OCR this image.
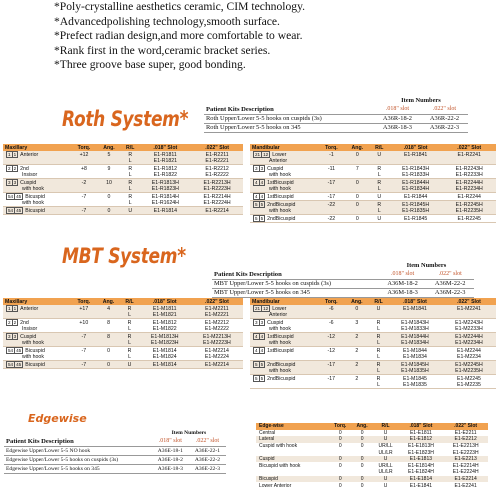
*Poly-crystalline aesthetics ceramic, CIM technology.
*Advancedpolishing technology,smooth surface.
*Prefect radian design,and more comfortable to wear.
*Rank first in the word,ceramic bracket series.
*Three groove base super, good bonding.
	Item Numbers	
Patient Kits Description	.018" slot	.022" slot
Roth Upper/Lower 5-5 hooks on cuspids (3s)	A36R-18-2	A36R-22-2
Roth Upper/Lower 5-5 hooks on 345	A36R-18-3	A36R-22-3
Roth System*
Maxillary	Torq.	Ang.	R/L	.018" Slot	.022" Slot
1 1 Anterior	+12	5	R	E1-R1811	E1-R2211
			L	E1-R1821	E1-R2221
2 2 2nd	+8	9	R	E1-R1812	E1-R2212
Insisor			L	E1-R1822	E1-R2222
3 3 Cuspid	-2	10	R	E1-R1813H	E1-R2213H
with hook			L	E1-R1823H	E1-R2223H
54 45 Bicuspid	-7	0	R	E1-R1814H	E1-R2214H
with hook			L	E1-R1624H	E1-R2224H
54 45 Bicuspid	-7	0	U	E1-R1814	E1-R2214
Mandibular	Torq.	Ang.	R/L	.018" Slot	.022" Slot
21 12 Lower	-1	0	U	E1-R1841	E1-R2241
Anterior					
3 3 Cuspid	-11	7	R	E1-R1843H	E1-R2243H
with hook			L	E1-R1833H	E1-R2233H
4 4 1stBicuspid	-17	0	R	E1-R1844H	E1-R2244H
with hook			L	E1-R1834H	E1-R2234H
4 4 1stBicuspid	-17	0	U	E1-R1844	E1-R2244
5 5 2ndBicuspid	-22	0	R	E1-R1845H	E1-R2245H
with hook			L	E1-R1835H	E1-R2235H
5 5 2ndBicuspid	-22	0	U	E1-R1845	E1-R2245
MBT System*
		Item Numbers	
Patient Kits Description	.018" slot	.022" slot
MBT Upper/Lower 5-5 hooks on cuspids (3s)	A36M-18-2	A36M-22-2
MBT Upper/Lower 5-5 hooks on 345	A36M-18-3	A36M-22-3
Maxillary	Torq.	Ang.	R/L	.018" Slot	.022" Slot
1 1 Anterior	+17	4	R	E1-M1811	E1-M2211
			L	E1-M1821	E1-M2221
2 2 2nd	+10	8	R	E1-M1812	E1-M2212
Insisor			L	E1-M1822	E1-M2222
3 3 Cuspid	-7	8	R	E1-M1813H	E1-M2213H
with hook			L	E1-M1823H	E1-M2223H
54 45 Bicuspid	-7	0	R	E1-M1814	E1-M2214
with hook			L	E1-M1824	E1-M2224
54 45 Bicuspid	-7	0	U	E1-M1814	E1-M2214
Mandibular	Torq.	Ang.	R/L	.018" Slot	.022" Slot
21 12 Lower	-6	0	U	E1-M1841	E1-M2241
Anterior					
3 3 Cuspid	-6	3	R	E1-M1843H	E1-M2243H
with hook			L	E1-M1833H	E1-M2233H
4 4 1stBicuspid	-12	2	R	E1-M1844H	E1-M2244H
with hook			L	E1-M1834H	E1-M2234H
4 4 1stBicuspid	-12	2	R	E1-M1844	E1-M2244
			L	E1-M1834	E1-M2234
5 5 2ndBicuspid	-17	2	R	E1-M1845H	E1-M2245H
with hook			L	E1-M1835H	E1-M2235H
5 5 2ndBicuspid	-17	2	R	E1-M1845	E1-M2245
			L	E1-M1835	E1-M2235
Edgewise
	Item Numbers	
Patient Kits Description	.018" slot	.022" slot
Edgewise Upper/Lower 5-5 NO hook	A36E-18-1	A36E-22-1
Edgewise Upper/Lower 5-5 hooks on cuspids (3s)	A36E-18-2	A36E-22-2
Edgewise Upper/Lower 5-5 hooks on 345	A36E-18-3	A36E-22-3
Edge-wise	Torq.	Ang.	R/L	.018" Slot	.022" Slot
Central	0	0	U	E1-E1811	E1-E2211
Lateral	0	0	U	E1-E1812	E1-E2212
Cuspid with hook	0	0	UR/LL	E1-E1813H	E1-E2213H
			UL/LR	E1-E1823H	E1-E2223H
Cuspid	0	0	U	E1-E1813	E1-E2213
Bicuspid with hook	0	0	UR/LL	E1-E1814H	E1-E2214H
			UL/LR	E1-E1824H	E1-E2224H
Bicuspid	0	0	U	E1-E1814	E1-E2214
Lower Anterior	0	0	U	E1-E1841	E1-E2241
